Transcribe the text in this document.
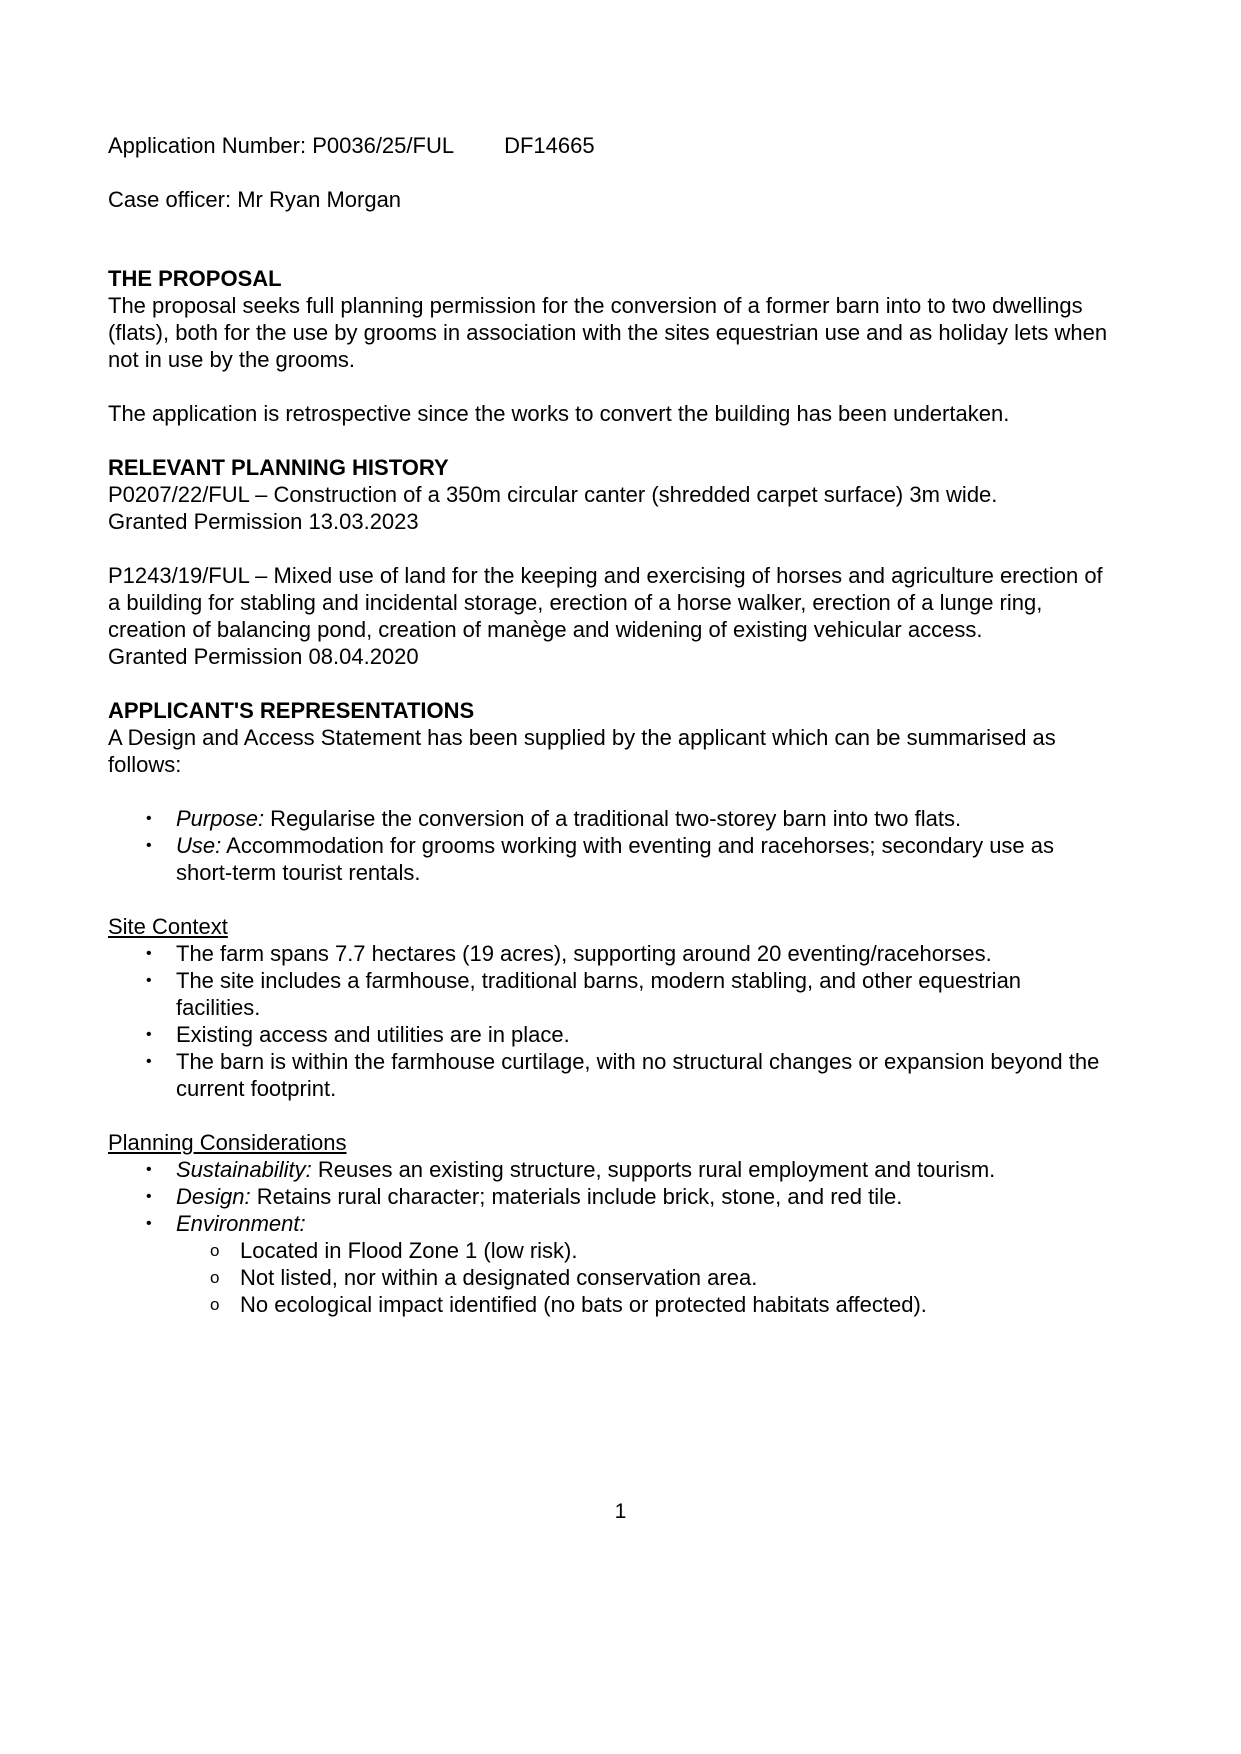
Application Number: P0036/25/FUL DF14665

Case officer: Mr Ryan Morgan

THE PROPOSAL

The proposal seeks full planning permission for the conversion of a former barn into to two dwellings (flats), both for the use by grooms in association with the sites equestrian use and as holiday lets when not in use by the grooms.

The application is retrospective since the works to convert the building has been undertaken.

RELEVANT PLANNING HISTORY

P0207/22/FUL – Construction of a 350m circular canter (shredded carpet surface) 3m wide.

Granted Permission 13.03.2023

P1243/19/FUL – Mixed use of land for the keeping and exercising of horses and agriculture erection of a building for stabling and incidental storage, erection of a horse walker, erection of a lunge ring, creation of balancing pond, creation of manège and widening of existing vehicular access.

Granted Permission 08.04.2020

APPLICANT'S REPRESENTATIONS

A Design and Access Statement has been supplied by the applicant which can be summarised as follows:

•	Purpose: Regularise the conversion of a traditional two-storey barn into two flats.
•	Use: Accommodation for grooms working with eventing and racehorses; secondary use as short-term tourist rentals.

Site Context

•	The farm spans 7.7 hectares (19 acres), supporting around 20 eventing/racehorses.
•	The site includes a farmhouse, traditional barns, modern stabling, and other equestrian facilities.
•	Existing access and utilities are in place.
•	The barn is within the farmhouse curtilage, with no structural changes or expansion beyond the current footprint.

Planning Considerations

•	Sustainability: Reuses an existing structure, supports rural employment and tourism.
•	Design: Retains rural character; materials include brick, stone, and red tile.
•	Environment:
o Located in Flood Zone 1 (low risk).
o Not listed, nor within a designated conservation area.
o No ecological impact identified (no bats or protected habitats affected).
1
